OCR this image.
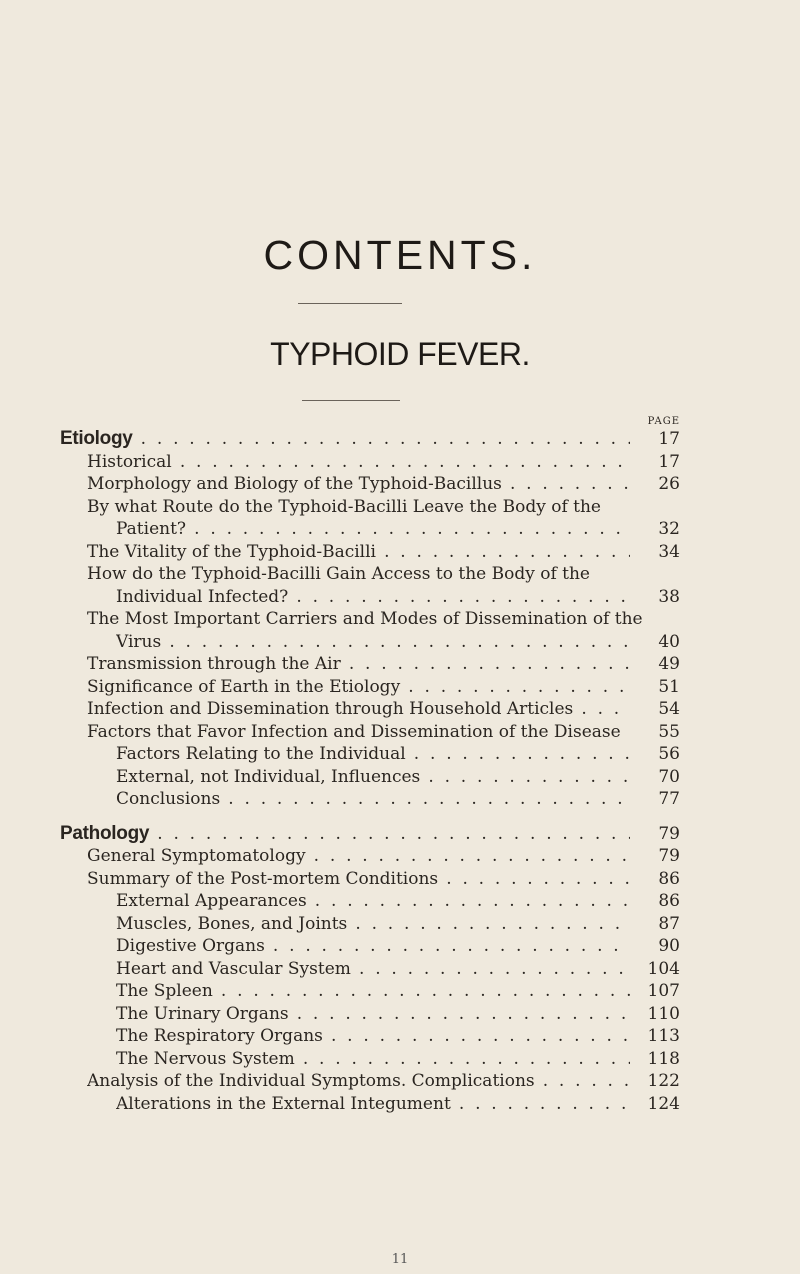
CONTENTS.
TYPHOID FEVER.
PAGE
Etiology . . .	17
Historical . . .	17
Morphology and Biology of the Typhoid-Bacillus . . .	26
By what Route do the Typhoid-Bacilli Leave the Body of the
Patient? . . .	32
The Vitality of the Typhoid-Bacilli . . .	34
How do the Typhoid-Bacilli Gain Access to the Body of the
Individual Infected? . . .	38
The Most Important Carriers and Modes of Dissemination of the
Virus . . .	40
Transmission through the Air . . .	49
Significance of Earth in the Etiology . . .	51
Infection and Dissemination through Household Articles . . .	54
Factors that Favor Infection and Dissemination of the Disease . . .	55
Factors Relating to the Individual . . .	56
External, not Individual, Influences . . .	70
Conclusions . . .	77
Pathology . . .	79
General Symptomatology . . .	79
Summary of the Post-mortem Conditions . . .	86
External Appearances . . .	86
Muscles, Bones, and Joints . . .	87
Digestive Organs . . .	90
Heart and Vascular System . . .	104
The Spleen . . .	107
The Urinary Organs . . .	110
The Respiratory Organs . . .	113
The Nervous System . . .	118
Analysis of the Individual Symptoms. Complications . . .	122
Alterations in the External Integument . . .	124
11
